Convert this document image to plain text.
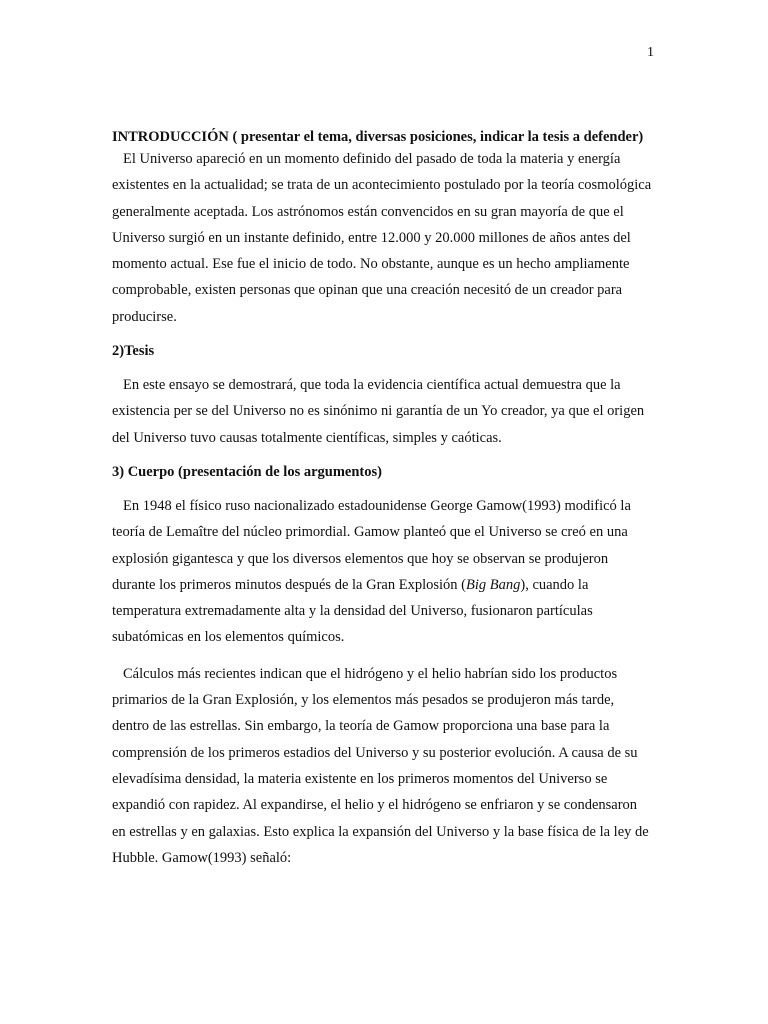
1

INTRODUCCIÓN ( presentar el tema, diversas posiciones, indicar la tesis a defender)

El Universo apareció en un momento definido del pasado de toda la materia y energía existentes en la actualidad; se trata de un acontecimiento postulado por la teoría cosmológica generalmente aceptada. Los astrónomos están convencidos en su gran mayoría de que el Universo surgió en un instante definido, entre 12.000 y 20.000 millones de años antes del momento actual. Ese fue el inicio de todo. No obstante, aunque es un hecho ampliamente comprobable, existen personas que opinan que una creación necesitó de un creador para producirse.

2)Tesis

En este ensayo se demostrará, que toda la evidencia científica actual demuestra que la existencia per se del Universo no es sinónimo ni garantía de un Yo creador, ya que el origen del Universo tuvo causas totalmente científicas, simples y caóticas.

3) Cuerpo (presentación de los argumentos)

En 1948 el físico ruso nacionalizado estadounidense George Gamow(1993) modificó la teoría de Lemaître del núcleo primordial. Gamow planteó que el Universo se creó en una explosión gigantesca y que los diversos elementos que hoy se observan se produjeron durante los primeros minutos después de la Gran Explosión (Big Bang), cuando la temperatura extremadamente alta y la densidad del Universo, fusionaron partículas subatómicas en los elementos químicos.

Cálculos más recientes indican que el hidrógeno y el helio habrían sido los productos primarios de la Gran Explosión, y los elementos más pesados se produjeron más tarde, dentro de las estrellas. Sin embargo, la teoría de Gamow proporciona una base para la comprensión de los primeros estadios del Universo y su posterior evolución. A causa de su elevadísima densidad, la materia existente en los primeros momentos del Universo se expandió con rapidez. Al expandirse, el helio y el hidrógeno se enfriaron y se condensaron en estrellas y en galaxias. Esto explica la expansión del Universo y la base física de la ley de Hubble. Gamow(1993) señaló:
